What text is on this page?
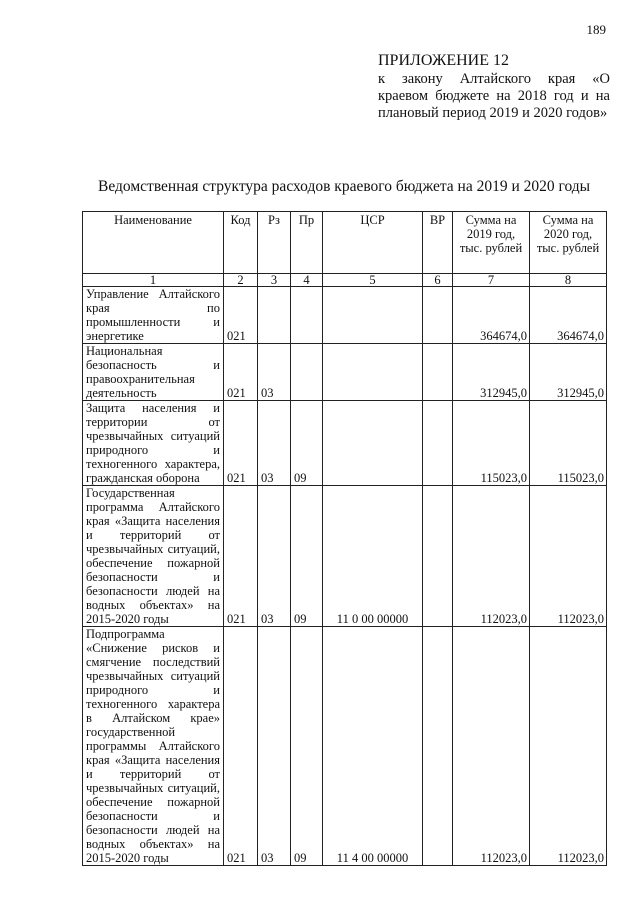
189
ПРИЛОЖЕНИЕ 12
к закону Алтайского края «О краевом бюджете на 2018 год и на плановый период 2019 и 2020 годов»
Ведомственная структура расходов краевого бюджета на 2019 и 2020 годы
Наименование	Код	Рз	Пр	ЦСР	ВР	Сумма на 2019 год, тыс. рублей	Сумма на 2020 год, тыс. рублей
1	2	3	4	5	6	7	8
Управление Алтайского края по промышленности и энергетике	021					364674,0	364674,0
Национальная безопасность и правоохранительная деятельность	021	03				312945,0	312945,0
Защита населения и территории от чрезвычайных ситуаций природного и техногенного характера, гражданская оборона	021	03	09			115023,0	115023,0
Государственная программа Алтайского края «Защита населения и территорий от чрезвычайных ситуаций, обеспечение пожарной безопасности и безопасности людей на водных объектах» на 2015-2020 годы	021	03	09	11 0 00 00000		112023,0	112023,0
Подпрограмма «Снижение рисков и смягчение последствий чрезвычайных ситуаций природного и техногенного характера в Алтайском крае» государственной программы Алтайского края «Защита населения и территорий от чрезвычайных ситуаций, обеспечение пожарной безопасности и безопасности людей на водных объектах» на 2015-2020 годы	021	03	09	11 4 00 00000		112023,0	112023,0
